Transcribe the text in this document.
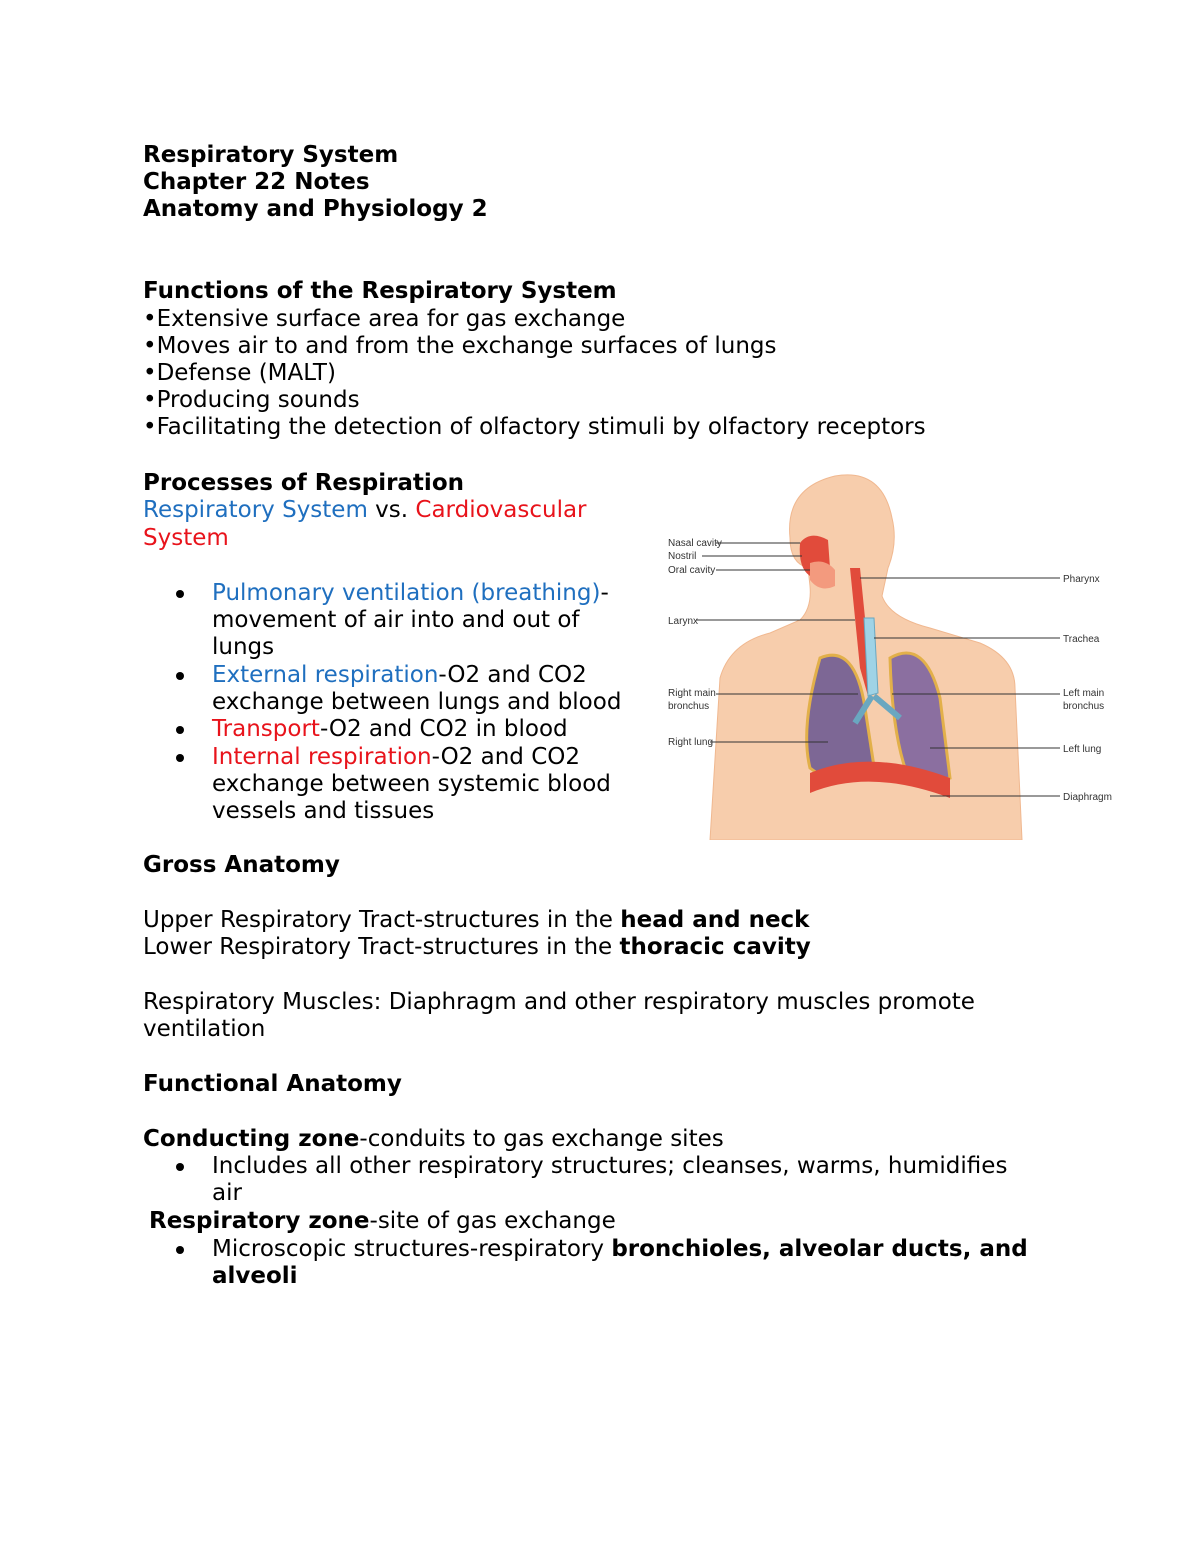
Respiratory System
Chapter 22 Notes
Anatomy and Physiology 2
Functions of the Respiratory System
•Extensive surface area for gas exchange
•Moves air to and from the exchange surfaces of lungs
•Defense (MALT)
•Producing sounds
•Facilitating the detection of olfactory stimuli by olfactory receptors
Processes of Respiration
Respiratory System vs. Cardiovascular
System
Pulmonary ventilation (breathing)-
movement of air into and out of
lungs
External respiration-O2 and CO2
exchange between lungs and blood
Transport-O2 and CO2 in blood
Internal respiration-O2 and CO2
exchange between systemic blood
vessels and tissues
Nasal cavity
Nostril
Oral cavity
Larynx
Right main
bronchus
Right lung
Pharynx
Trachea
Left main
bronchus
Left lung
Diaphragm
Gross Anatomy
Upper Respiratory Tract-structures in the head and neck
Lower Respiratory Tract-structures in the thoracic cavity
Respiratory Muscles: Diaphragm and other respiratory muscles promote
ventilation
Functional Anatomy
Conducting zone-conduits to gas exchange sites
Includes all other respiratory structures; cleanses, warms, humidifies
air
Respiratory zone-site of gas exchange
Microscopic structures-respiratory bronchioles, alveolar ducts, and
alveoli
